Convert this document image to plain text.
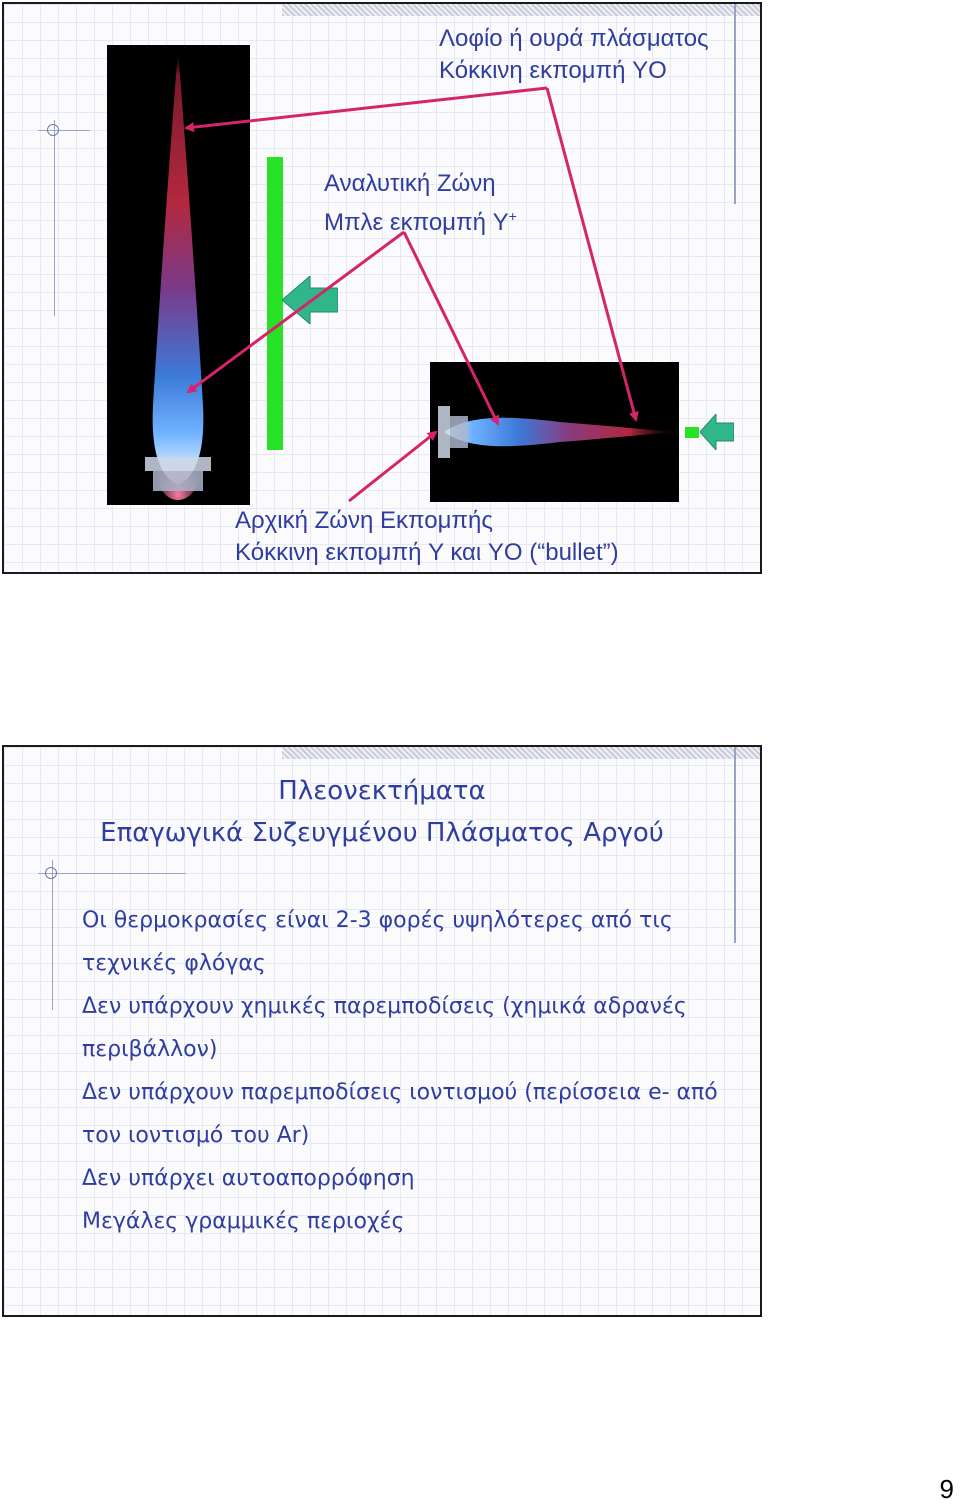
Λοφίο ή ουρά πλάσματος

Κόκκινη εκπομπή YO

Αναλυτική Ζώνη

Μπλε εκπομπή Y+

Αρχική Ζώνη Εκπομπής

Κόκκινη εκπομπή Y και YO (“bullet”)

Πλεονεκτήματα
Επαγωγικά Συζευγμένου Πλάσματος Αργού
Οι θερμοκρασίες είναι 2-3 φορές υψηλότερες από τις τεχνικές φλόγας
Δεν υπάρχουν χημικές παρεμποδίσεις (χημικά αδρανές περιβάλλον)
Δεν υπάρχουν παρεμποδίσεις ιοντισμού (περίσσεια e- από τον ιοντισμό του Ar)
Δεν υπάρχει αυτοαπορρόφηση
Μεγάλες γραμμικές περιοχές
9
